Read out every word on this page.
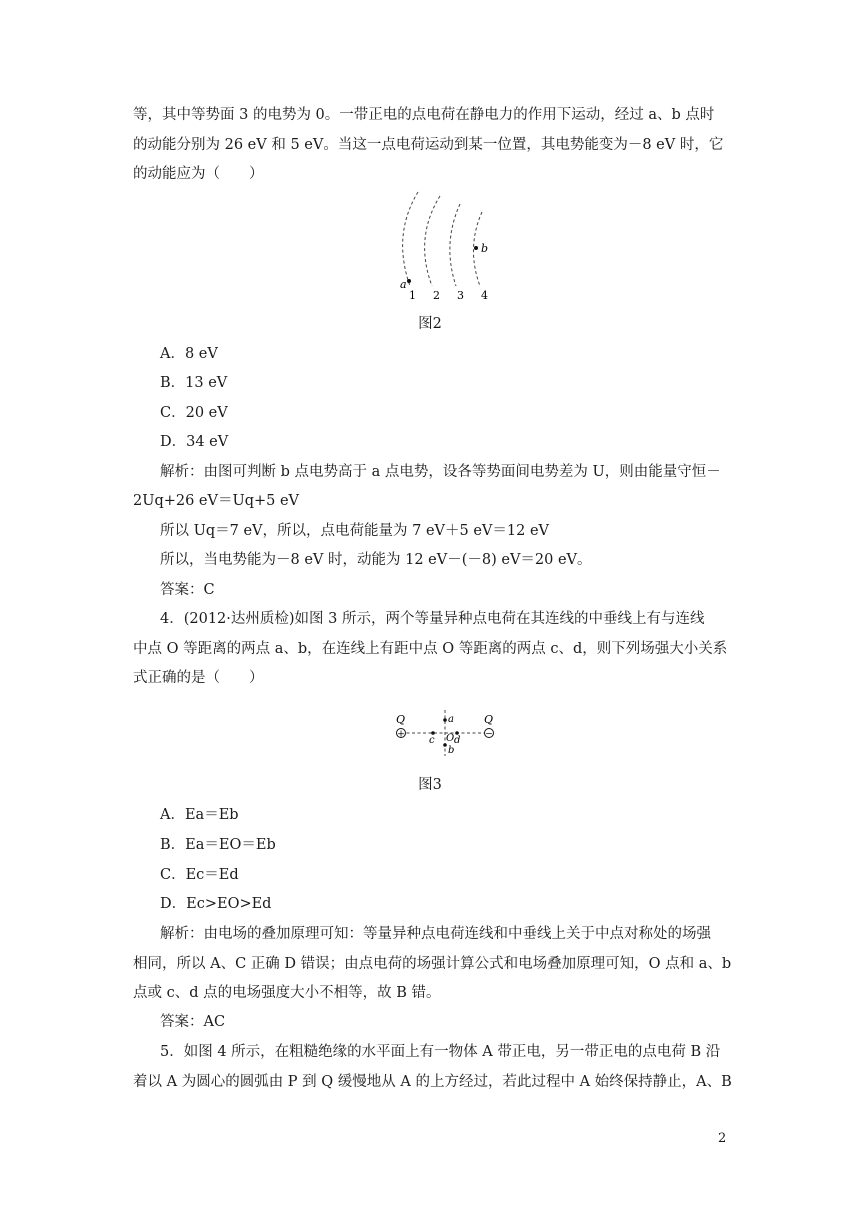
等，其中等势面 3 的电势为 0。一带正电的点电荷在静电力的作用下运动，经过 a、b 点时
的动能分别为 26 eV 和 5 eV。当这一点电荷运动到某一位置，其电势能变为－8 eV 时，它
的动能应为（　　）
a
b
1 2 3 4
图2
A．8 eV
B．13 eV
C．20 eV
D．34 eV
解析：由图可判断 b 点电势高于 a 点电势，设各等势面间电势差为 U，则由能量守恒－
2Uq+26 eV＝Uq+5 eV
所以 Uq＝7 eV，所以，点电荷能量为 7 eV＋5 eV＝12 eV
所以，当电势能为－8 eV 时，动能为 12 eV－(－8) eV＝20 eV。
答案：C
4．(2012·达州质检)如图 3 所示，两个等量异种点电荷在其连线的中垂线上有与连线
中点 O 等距离的两点 a、b，在连线上有距中点 O 等距离的两点 c、d，则下列场强大小关系
式正确的是（　　）
+	−
Q	Q
a
c O d
b
图3
A．Ea＝Eb
B．Ea＝EO＝Eb
C．Ec＝Ed
D．Ec>EO>Ed
解析：由电场的叠加原理可知：等量异种点电荷连线和中垂线上关于中点对称处的场强
相同，所以 A、C 正确 D 错误；由点电荷的场强计算公式和电场叠加原理可知，O 点和 a、b
点或 c、d 点的电场强度大小不相等，故 B 错。
答案：AC
5．如图 4 所示，在粗糙绝缘的水平面上有一物体 A 带正电，另一带正电的点电荷 B 沿
着以 A 为圆心的圆弧由 P 到 Q 缓慢地从 A 的上方经过，若此过程中 A 始终保持静止，A、B
2
